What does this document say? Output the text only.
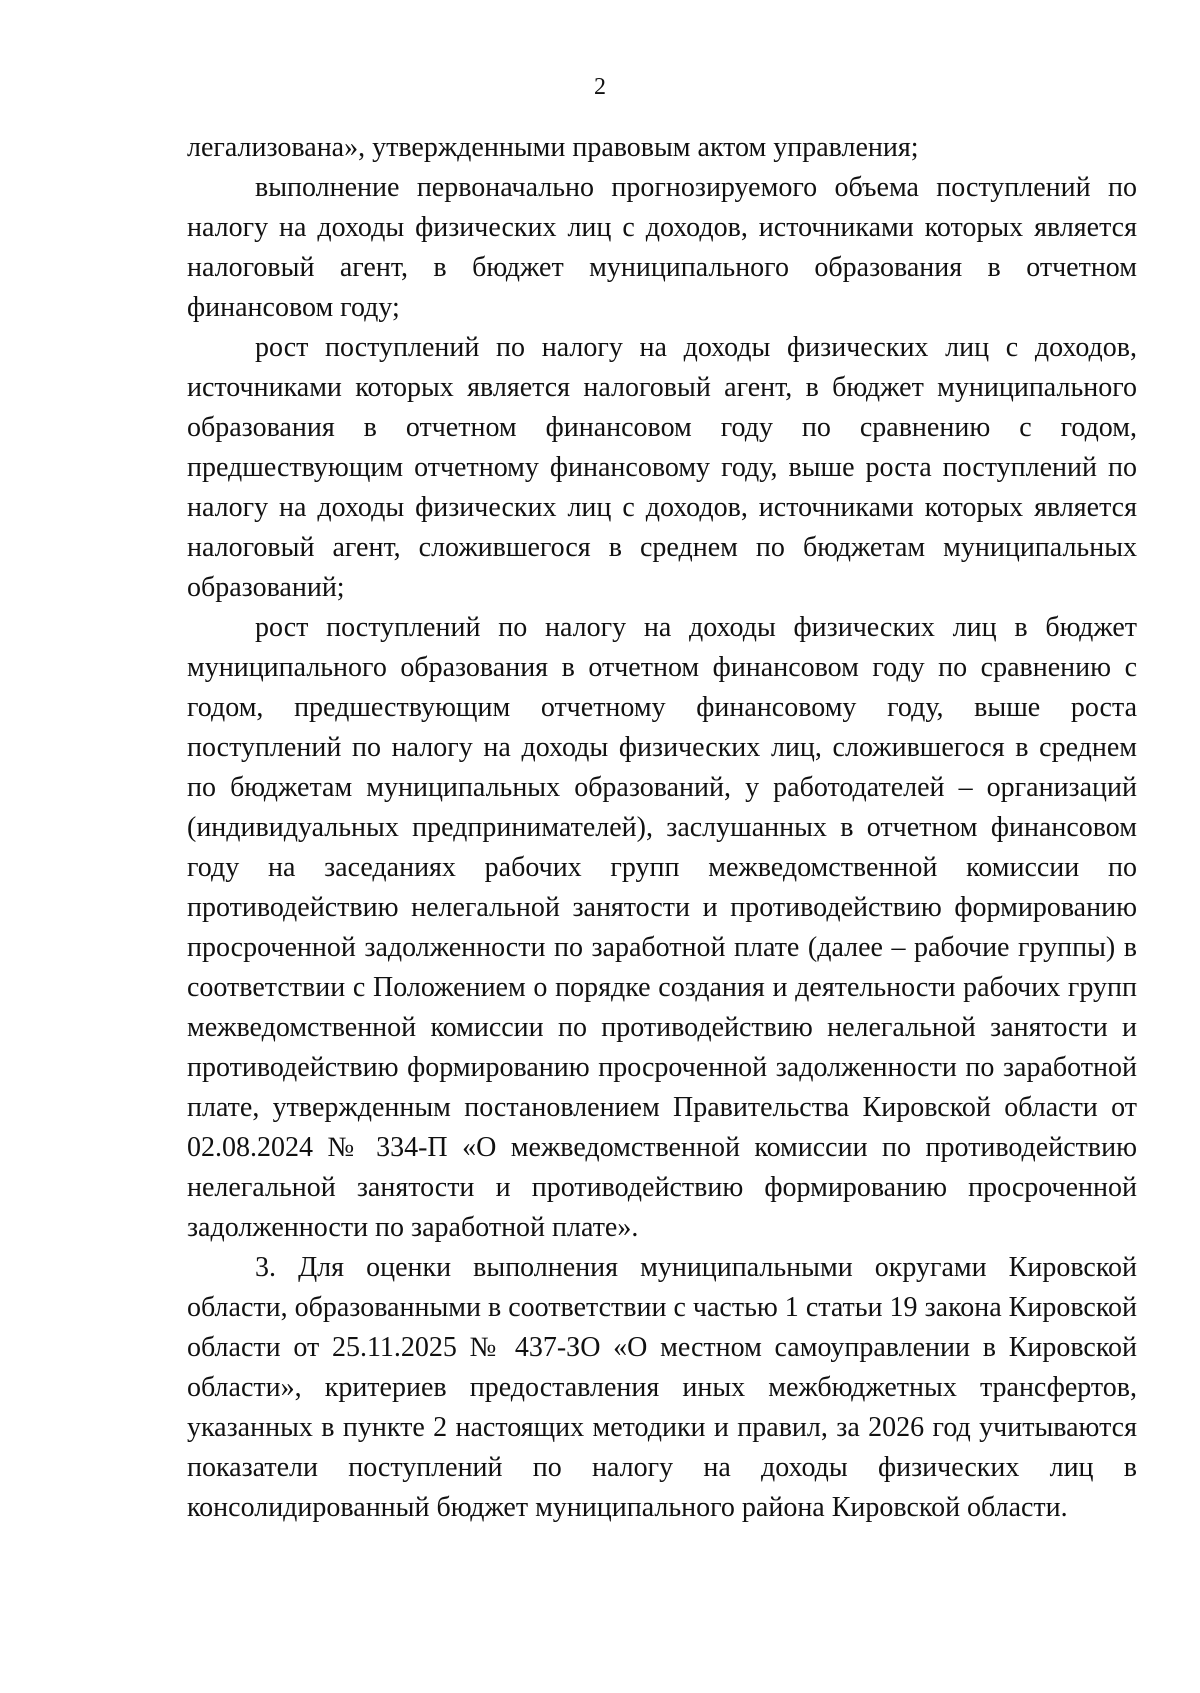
2

легализована», утвержденными правовым актом управления;

выполнение первоначально прогнозируемого объема поступлений по налогу на доходы физических лиц с доходов, источниками которых является налоговый агент, в бюджет муниципального образования в отчетном финансовом году;

рост поступлений по налогу на доходы физических лиц с доходов, источниками которых является налоговый агент, в бюджет муниципального образования в отчетном финансовом году по сравнению с годом, предшествующим отчетному финансовому году, выше роста поступлений по налогу на доходы физических лиц с доходов, источниками которых является налоговый агент, сложившегося в среднем по бюджетам муниципальных образований;

рост поступлений по налогу на доходы физических лиц в бюджет муниципального образования в отчетном финансовом году по сравнению с годом, предшествующим отчетному финансовому году, выше роста поступлений по налогу на доходы физических лиц, сложившегося в среднем по бюджетам муниципальных образований, у работодателей – организаций (индивидуальных предпринимателей), заслушанных в отчетном финансовом году на заседаниях рабочих групп межведомственной комиссии по противодействию нелегальной занятости и противодействию формированию просроченной задолженности по заработной плате (далее – рабочие группы) в соответствии с Положением о порядке создания и деятельности рабочих групп межведомственной комиссии по противодействию нелегальной занятости и противодействию формированию просроченной задолженности по заработной плате, утвержденным постановлением Правительства Кировской области от 02.08.2024 № 334-П «О межведомственной комиссии по противодействию нелегальной занятости и противодействию формированию просроченной задолженности по заработной плате».

3. Для оценки выполнения муниципальными округами Кировской области, образованными в соответствии с частью 1 статьи 19 закона Кировской области от 25.11.2025 № 437-ЗО «О местном самоуправлении в Кировской области», критериев предоставления иных межбюджетных трансфертов, указанных в пункте 2 настоящих методики и правил, за 2026 год учитываются показатели поступлений по налогу на доходы физических лиц в консолидированный бюджет муниципального района Кировской области.
